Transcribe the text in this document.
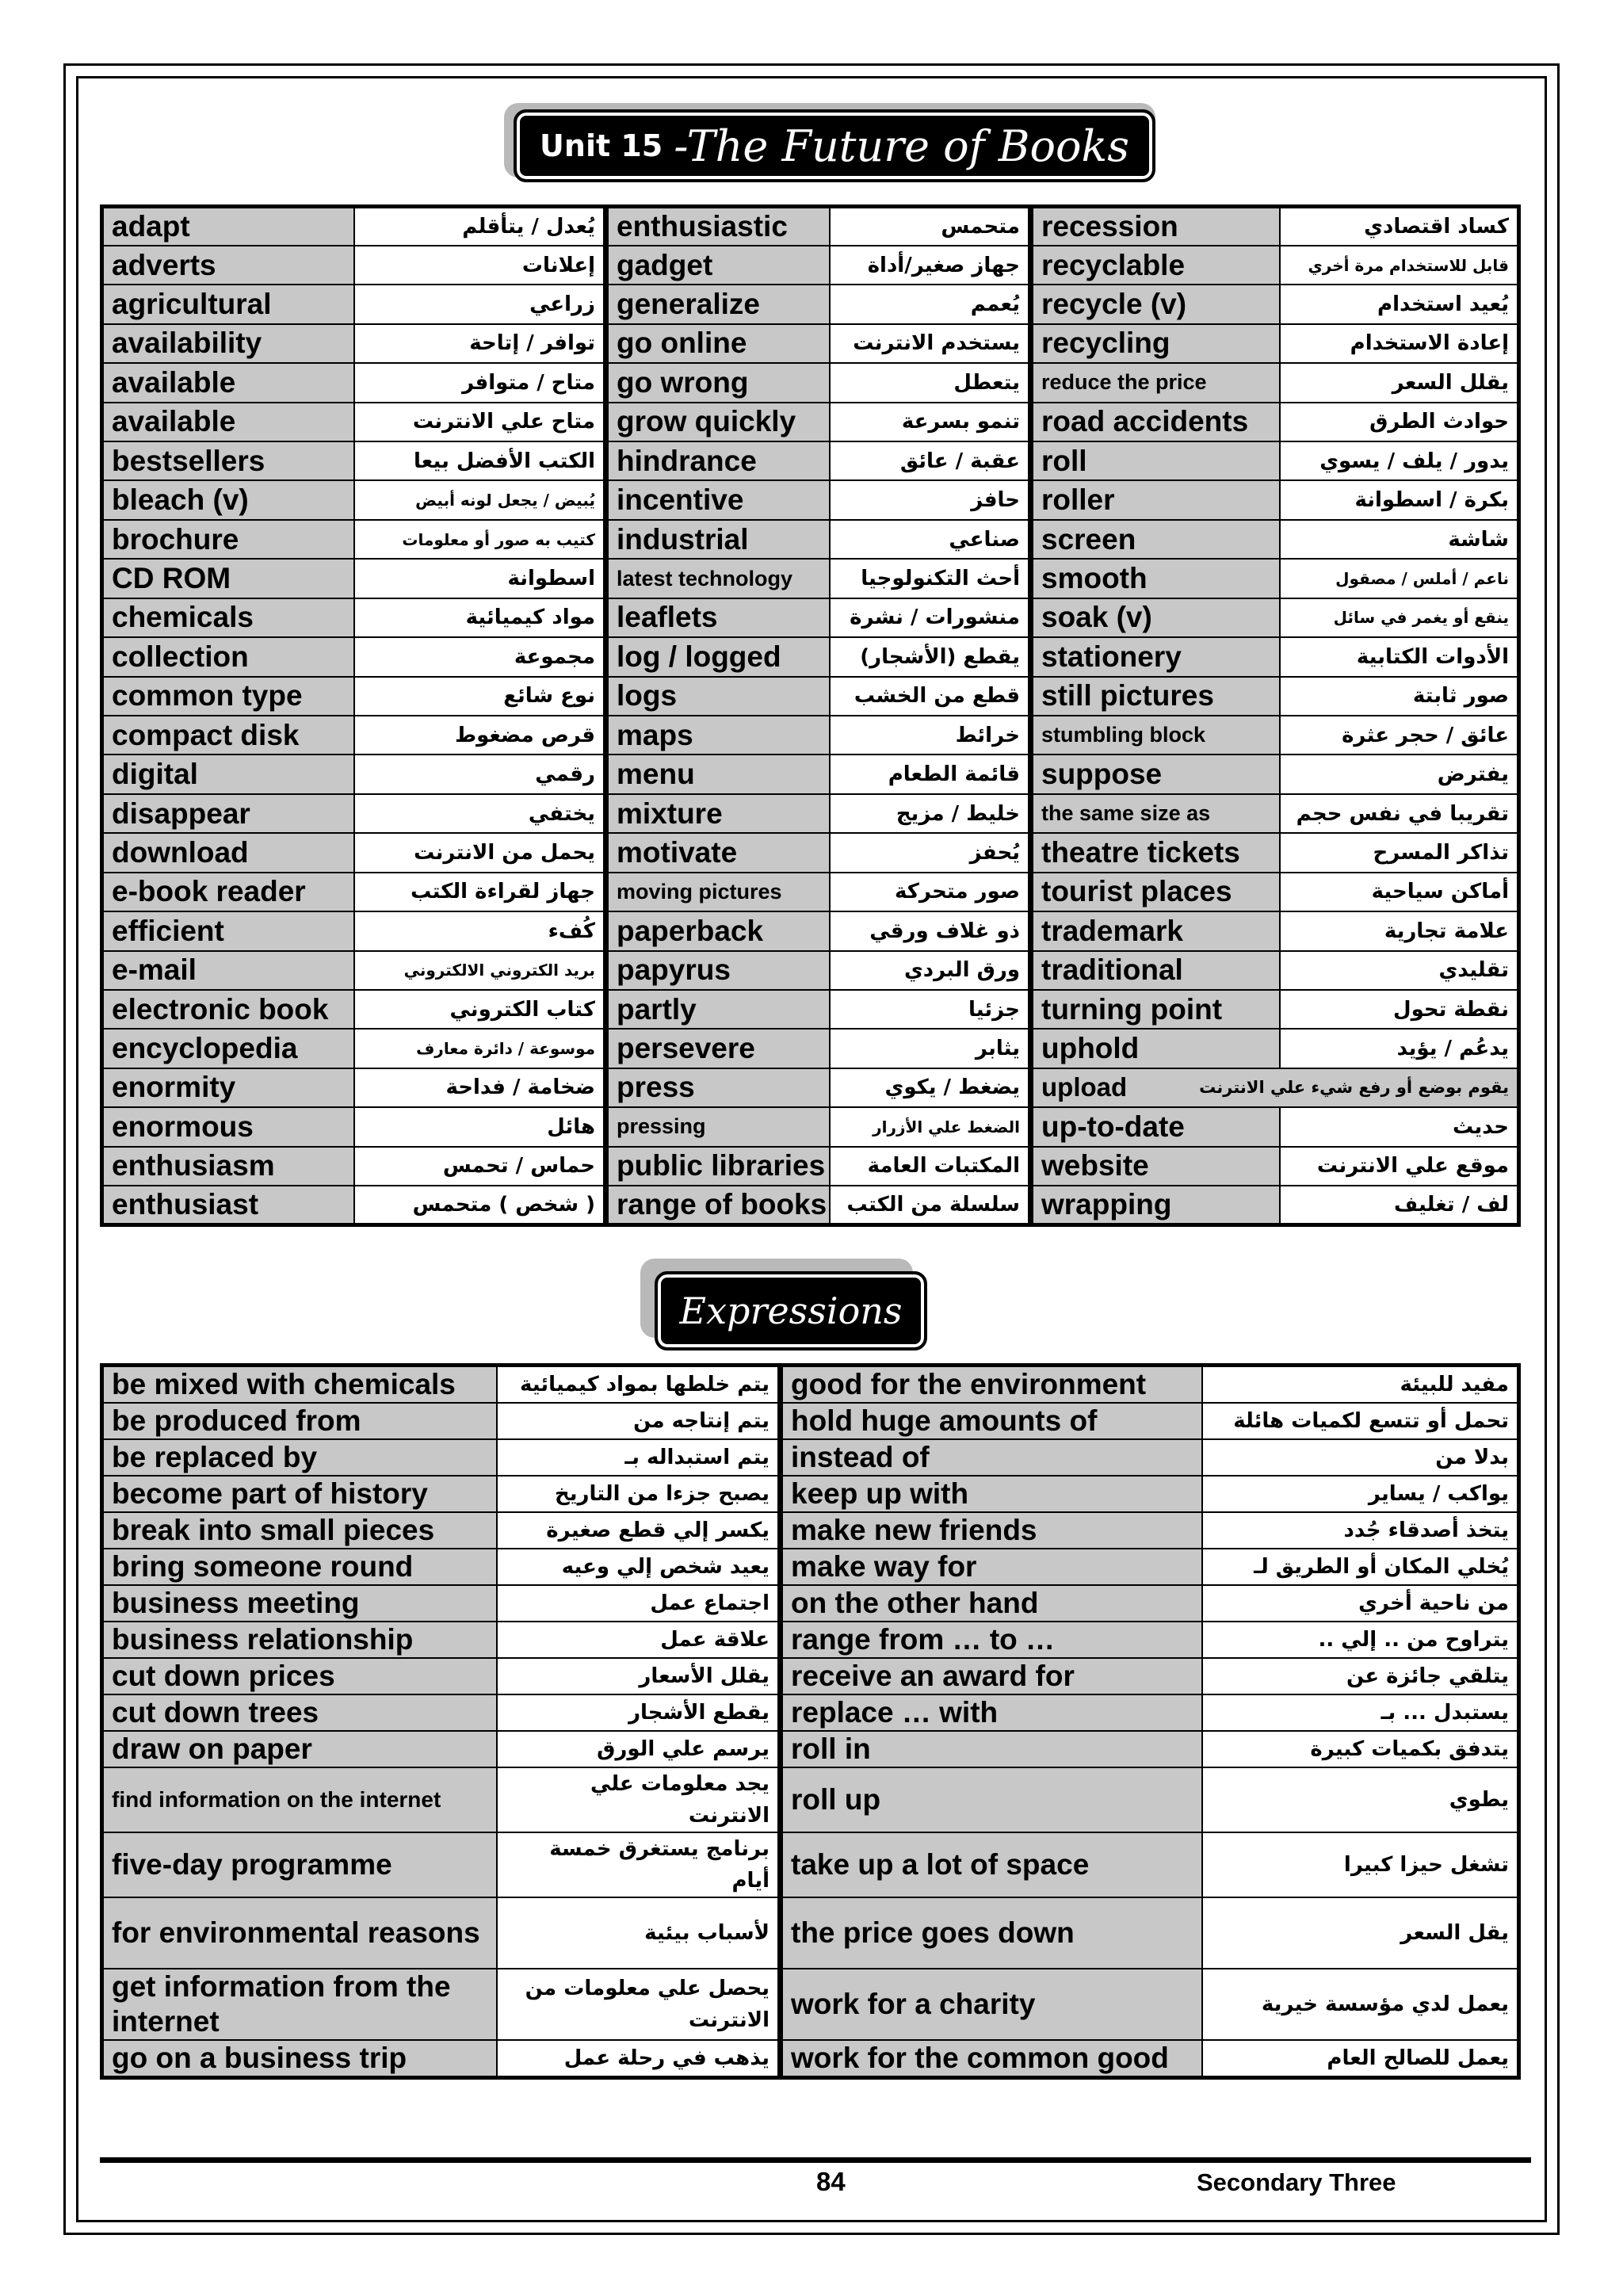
Unit 15 -The Future of Books
adapt	يُعدل / يتأقلم	enthusiastic	متحمس	recession	كساد اقتصادي
adverts	إعلانات	gadget	جهاز صغير/أداة	recyclable	قابل للاستخدام مرة أخري
agricultural	زراعي	generalize	يُعمم	recycle (v)	يُعيد استخدام
availability	توافر / إتاحة	go online	يستخدم الانترنت	recycling	إعادة الاستخدام
available	متاح / متوافر	go wrong	يتعطل	reduce the price	يقلل السعر
available	متاح علي الانترنت	grow quickly	تنمو بسرعة	road accidents	حوادث الطرق
bestsellers	الكتب الأفضل بيعا	hindrance	عقبة / عائق	roll	يدور / يلف / يسوي
bleach (v)	يُبيض / يجعل لونه أبيض	incentive	حافز	roller	بكرة / اسطوانة
brochure	كتيب به صور أو معلومات	industrial	صناعي	screen	شاشة
CD ROM	اسطوانة	latest technology	أحث التكنولوجيا	smooth	ناعم / أملس / مصقول
chemicals	مواد كيميائية	leaflets	منشورات / نشرة	soak (v)	ينقع أو يغمر في سائل
collection	مجموعة	log / logged	يقطع (الأشجار)	stationery	الأدوات الكتابية
common type	نوع شائع	logs	قطع من الخشب	still pictures	صور ثابتة
compact disk	قرص مضغوط	maps	خرائط	stumbling block	عائق / حجر عثرة
digital	رقمي	menu	قائمة الطعام	suppose	يفترض
disappear	يختفي	mixture	خليط / مزيج	the same size as	تقريبا في نفس حجم
download	يحمل من الانترنت	motivate	يُحفز	theatre tickets	تذاكر المسرح
e-book reader	جهاز لقراءة الكتب	moving pictures	صور متحركة	tourist places	أماكن سياحية
efficient	كُفء	paperback	ذو غلاف ورقي	trademark	علامة تجارية
e-mail	بريد الكتروني الالكتروني	papyrus	ورق البردي	traditional	تقليدي
electronic book	كتاب الكتروني	partly	جزئيا	turning point	نقطة تحول
encyclopedia	موسوعة / دائرة معارف	persevere	يثابر	uphold	يدعُم / يؤيد
enormity	ضخامة / فداحة	press	يضغط / يكوي	upload يقوم بوضع أو رفع شيء علي الانترنت	

enormous	هائل	pressing	الضغط علي الأزرار	up-to-date	حديث
enthusiasm	حماس / تحمس	public libraries	المكتبات العامة	website	موقع علي الانترنت
enthusiast	( شخص ) متحمس	range of books	سلسلة من الكتب	wrapping	لف / تغليف
Expressions
be mixed with chemicals	يتم خلطها بمواد كيميائية	good for the environment	مفيد للبيئة
be produced from	يتم إنتاجه من	hold huge amounts of	تحمل أو تتسع لكميات هائلة
be replaced by	يتم استبداله بـ	instead of	بدلا من
become part of history	يصبح جزءا من التاريخ	keep up with	يواكب / يساير
break into small pieces	يكسر إلي قطع صغيرة	make new friends	يتخذ أصدقاء جُدد
bring someone round	يعيد شخص إلي وعيه	make way for	يُخلي المكان أو الطريق لـ
business meeting	اجتماع عمل	on the other hand	من ناحية أخري
business relationship	علاقة عمل	range from … to …	يتراوح من .. إلي ..
cut down prices	يقلل الأسعار	receive an award for	يتلقي جائزة عن
cut down trees	يقطع الأشجار	replace … with	يستبدل ... بـ
draw on paper	يرسم علي الورق	roll in	يتدفق بكميات كبيرة
find information on the internet	يجد معلومات علي الانترنت	roll up	يطوي
five-day programme	برنامج يستغرق خمسة أيام	take up a lot of space	تشغل حيزا كبيرا
for environmental reasons	لأسباب بيئية	the price goes down	يقل السعر
get information from the internet	يحصل علي معلومات من الانترنت	work for a charity	يعمل لدي مؤسسة خيرية
go on a business trip	يذهب في رحلة عمل	work for the common good	يعمل للصالح العام
84	Secondary Three
